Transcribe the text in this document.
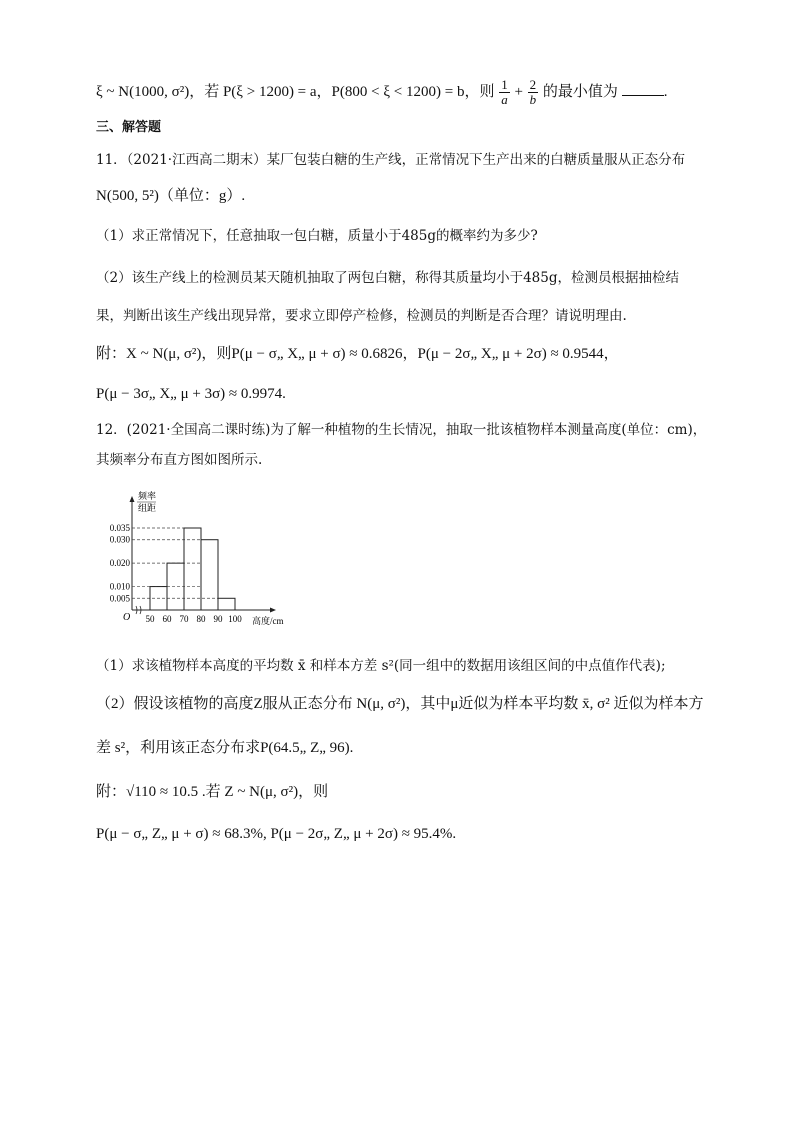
ξ ~ N(1000, σ²)，若 P(ξ > 1200) = a，P(800 < ξ < 1200) = b，则 $\frac{1}{a} + \frac{2}{b}$ 的最小值为	.
三、解答题
11．（2021·江西高二期末）某厂包装白糖的生产线，正常情况下生产出来的白糖质量服从正态分布
N(500, 5²)（单位：g）.
（1）求正常情况下，任意抽取一包白糖，质量小于485g的概率约为多少?
（2）该生产线上的检测员某天随机抽取了两包白糖，称得其质量均小于485g，检测员根据抽检结
果，判断出该生产线出现异常，要求立即停产检修，检测员的判断是否合理？请说明理由.
附：X ~ N(μ, σ²)，则P(μ − σ„ X„ μ + σ) ≈ 0.6826，P(μ − 2σ„ X„ μ + 2σ) ≈ 0.9544，
P(μ − 3σ„ X„ μ + 3σ) ≈ 0.9974.
12．(2021·全国高二课时练)为了解一种植物的生长情况，抽取一批该植物样本测量高度(单位：cm)，
其频率分布直方图如图所示.
频率
组距
0.035
0.030
0.020
0.010
0.005
50 60 70 80 90 100
O	高度/cm
（1）求该植物样本高度的平均数 x̄ 和样本方差 s²(同一组中的数据用该组区间的中点值作代表);
（2）假设该植物的高度Z服从正态分布 N(μ, σ²)，其中μ近似为样本平均数 x̄, σ² 近似为样本方
差 s²，利用该正态分布求P(64.5„ Z„ 96).
附：√110 ≈ 10.5 .若 Z ~ N(μ, σ²)，则
P(μ − σ„ Z„ μ + σ) ≈ 68.3%, P(μ − 2σ„ Z„ μ + 2σ) ≈ 95.4%.
